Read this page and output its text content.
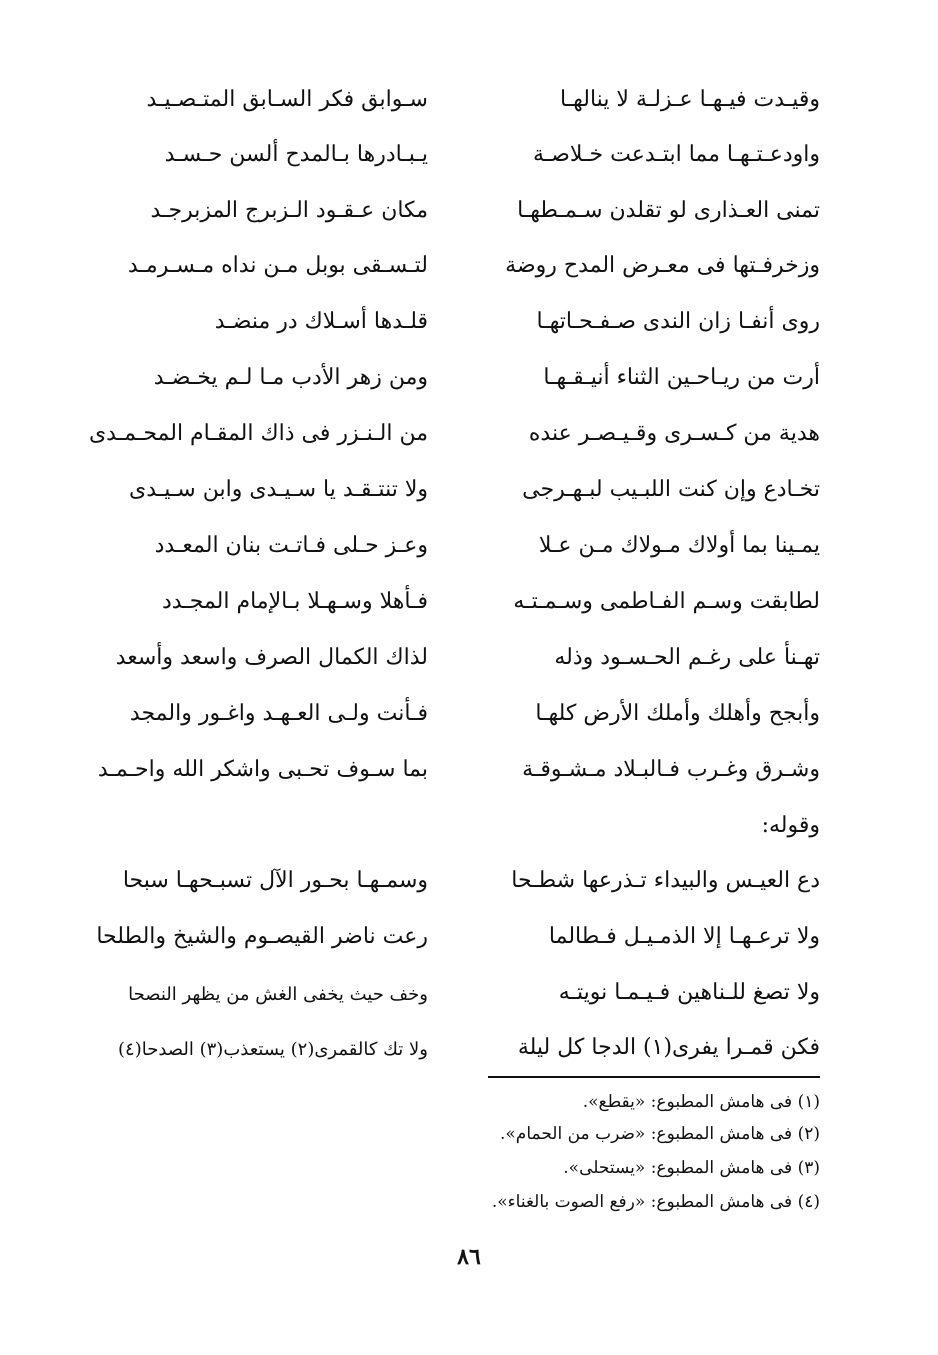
وقيـدت فيـهـا عـزلـة لا ينالهـا
سـوابق فكر السـابق المتـصـيـد
واودعـتـهـا مما ابتـدعت خـلاصـة
يـبـادرها بـالمدح ألسن حـسـد
تمنى العـذارى لو تقلدن سـمـطهـا
مكان عـقـود الـزبرج المزبرجـد
وزخرفـتها فى معـرض المدح روضة
لتـسـقى بوبل مـن نداه مـسـرمـد
روى أنفـا زان الندى صـفـحـاتهـا
قلـدها أسـلاك در منضـد
أرت من ريـاحـين الثناء أنيـقـهـا
ومن زهر الأدب مـا لـم يخـضـد
هدية من كـسـرى وقـيـصـر عنده
من الـنـزر فى ذاك المقـام المحـمـدى
تخـادع وإن كنت اللبـيب لبـهـرجى
ولا تنتـقـد يا سـيـدى وابن سـيـدى
يمـينا بما أولاك مـولاك مـن عـلا
وعـز حـلى فـاتـت بنان المعـدد
لطابقت وسـم الفـاطمى وسـمـتـه
فـأهلا وسـهـلا بـالإمام المجـدد
تهـنأ على رغـم الحـسـود وذله
لذاك الكمال الصرف واسعد وأسعد
وأبجح وأهلك وأملك الأرض كلهـا
فـأنت ولـى العـهـد واغـور والمجد
وشـرق وغـرب فـالبـلاد مـشـوقـة
بما سـوف تحـبى واشكر الله واحـمـد
وقوله:
دع العيـس والبيداء تـذرعها شطـحا
وسمـهـا بحـور الآل تسبـحهـا سبحا
ولا ترعـهـا إلا الذمـيـل فـطالما
رعت ناضر القيصـوم والشيخ والطلحا
ولا تصغ للـناهين فـيـمـا نويتـه
وخف حيث يخفى الغش من يظهر النصحا
فكن قمـرا يفرى(١) الدجا كل ليلة
ولا تك كالقمرى(٢) يستعذب(٣) الصدحا(٤)
(١) فى هامش المطبوع: «يقطع».
(٢) فى هامش المطبوع: «ضرب من الحمام».
(٣) فى هامش المطبوع: «يستحلى».
(٤) فى هامش المطبوع: «رفع الصوت بالغناء».
٨٦
